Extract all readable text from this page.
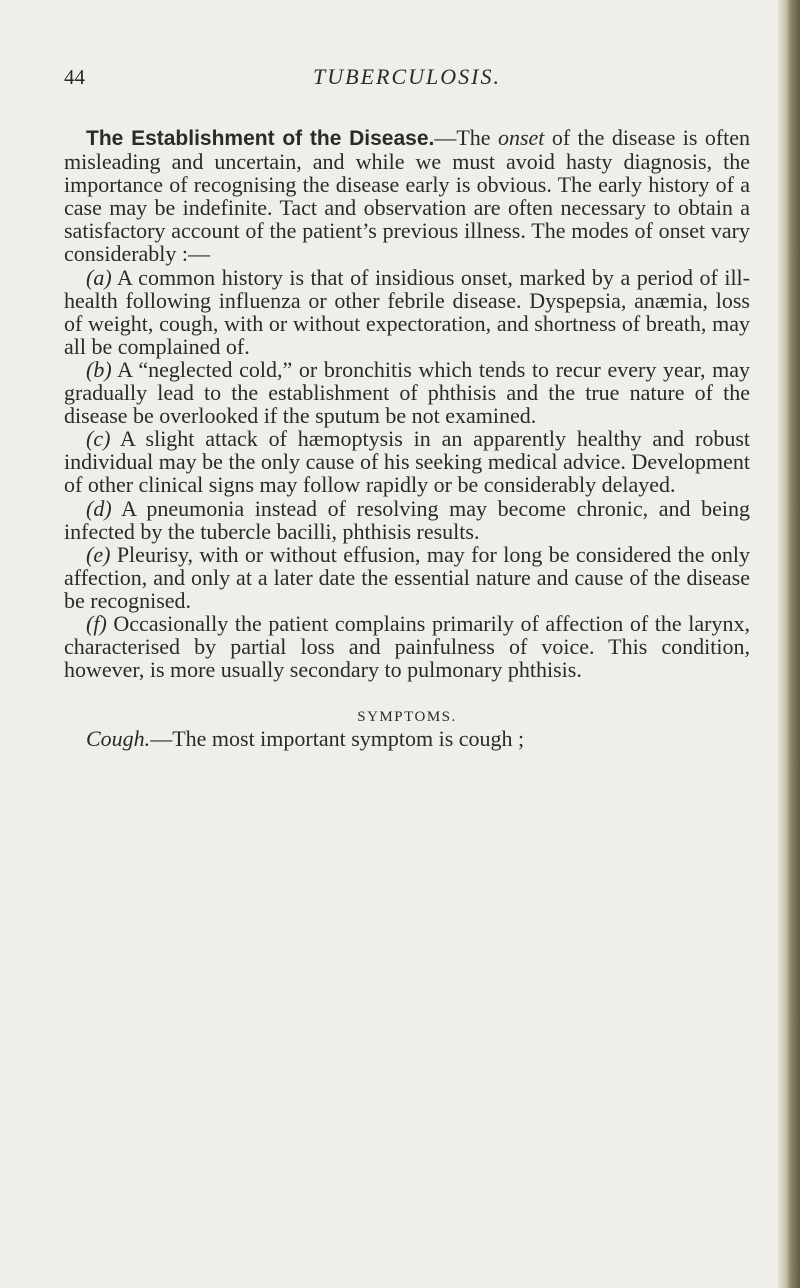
44	TUBERCULOSIS.

The Establishment of the Disease.—The onset of the disease is often misleading and uncertain, and while we must avoid hasty diagnosis, the importance of recognising the disease early is obvious. The early history of a case may be indefinite. Tact and observation are often necessary to obtain a satisfactory account of the patient’s previous illness. The modes of onset vary considerably :—

(a) A common history is that of insidious onset, marked by a period of ill-health following influenza or other febrile disease. Dyspepsia, anæmia, loss of weight, cough, with or without expectoration, and shortness of breath, may all be complained of.

(b) A “neglected cold,” or bronchitis which tends to recur every year, may gradually lead to the establishment of phthisis and the true nature of the disease be overlooked if the sputum be not examined.

(c) A slight attack of hæmoptysis in an apparently healthy and robust individual may be the only cause of his seeking medical advice. Development of other clinical signs may follow rapidly or be considerably delayed.

(d) A pneumonia instead of resolving may become chronic, and being infected by the tubercle bacilli, phthisis results.

(e) Pleurisy, with or without effusion, may for long be considered the only affection, and only at a later date the essential nature and cause of the disease be recognised.

(f) Occasionally the patient complains primarily of affection of the larynx, characterised by partial loss and painfulness of voice. This condition, however, is more usually secondary to pulmonary phthisis.

SYMPTOMS.

Cough.—The most important symptom is cough ;
